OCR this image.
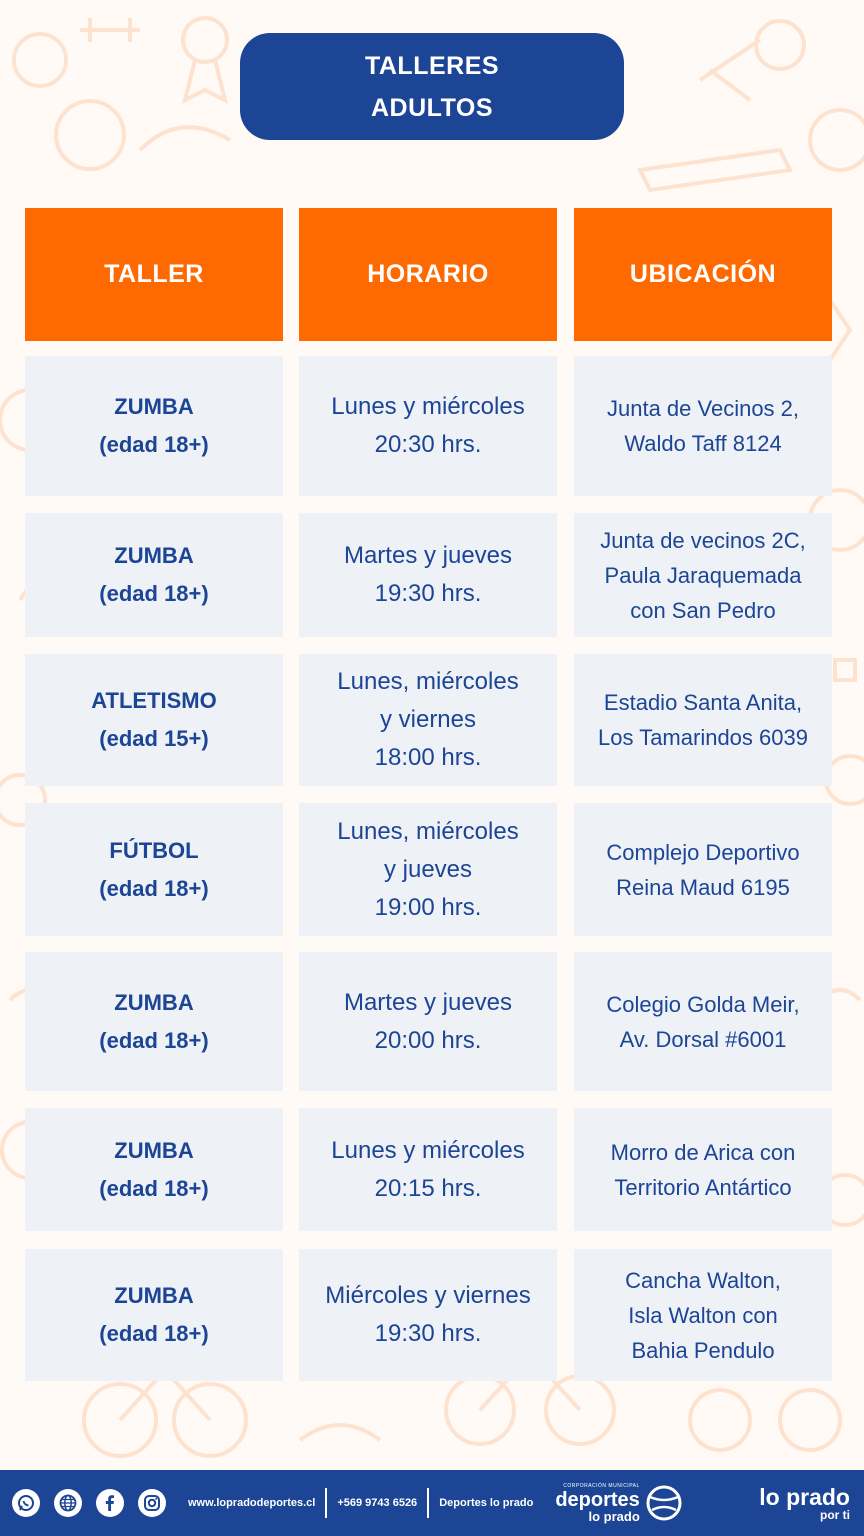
TALLERES
ADULTOS
TALLER	HORARIO	UBICACIÓN
ZUMBA
(edad 18+)
Lunes y miércoles
20:30 hrs.
Junta de Vecinos 2,
Waldo Taff 8124
ZUMBA
(edad 18+)
Martes y jueves
19:30 hrs.
Junta de vecinos 2C,
Paula Jaraquemada
con San Pedro
ATLETISMO
(edad 15+)
Lunes, miércoles
y viernes
18:00 hrs.
Estadio Santa Anita,
Los Tamarindos 6039
FÚTBOL
(edad 18+)
Lunes, miércoles
y jueves
19:00 hrs.
Complejo Deportivo
Reina Maud 6195
ZUMBA
(edad 18+)
Martes y jueves
20:00 hrs.
Colegio Golda Meir,
Av. Dorsal #6001
ZUMBA
(edad 18+)
Lunes y miércoles
20:15 hrs.
Morro de Arica con
Territorio Antártico
ZUMBA
(edad 18+)
Miércoles y viernes
19:30 hrs.
Cancha Walton,
Isla Walton con
Bahia Pendulo
www.lopradodeportes.cl +569 9743 6526 Deportes lo prado
CORPORACIÓN MUNICIPAL
deportes
lo prado
lo prado
por ti
